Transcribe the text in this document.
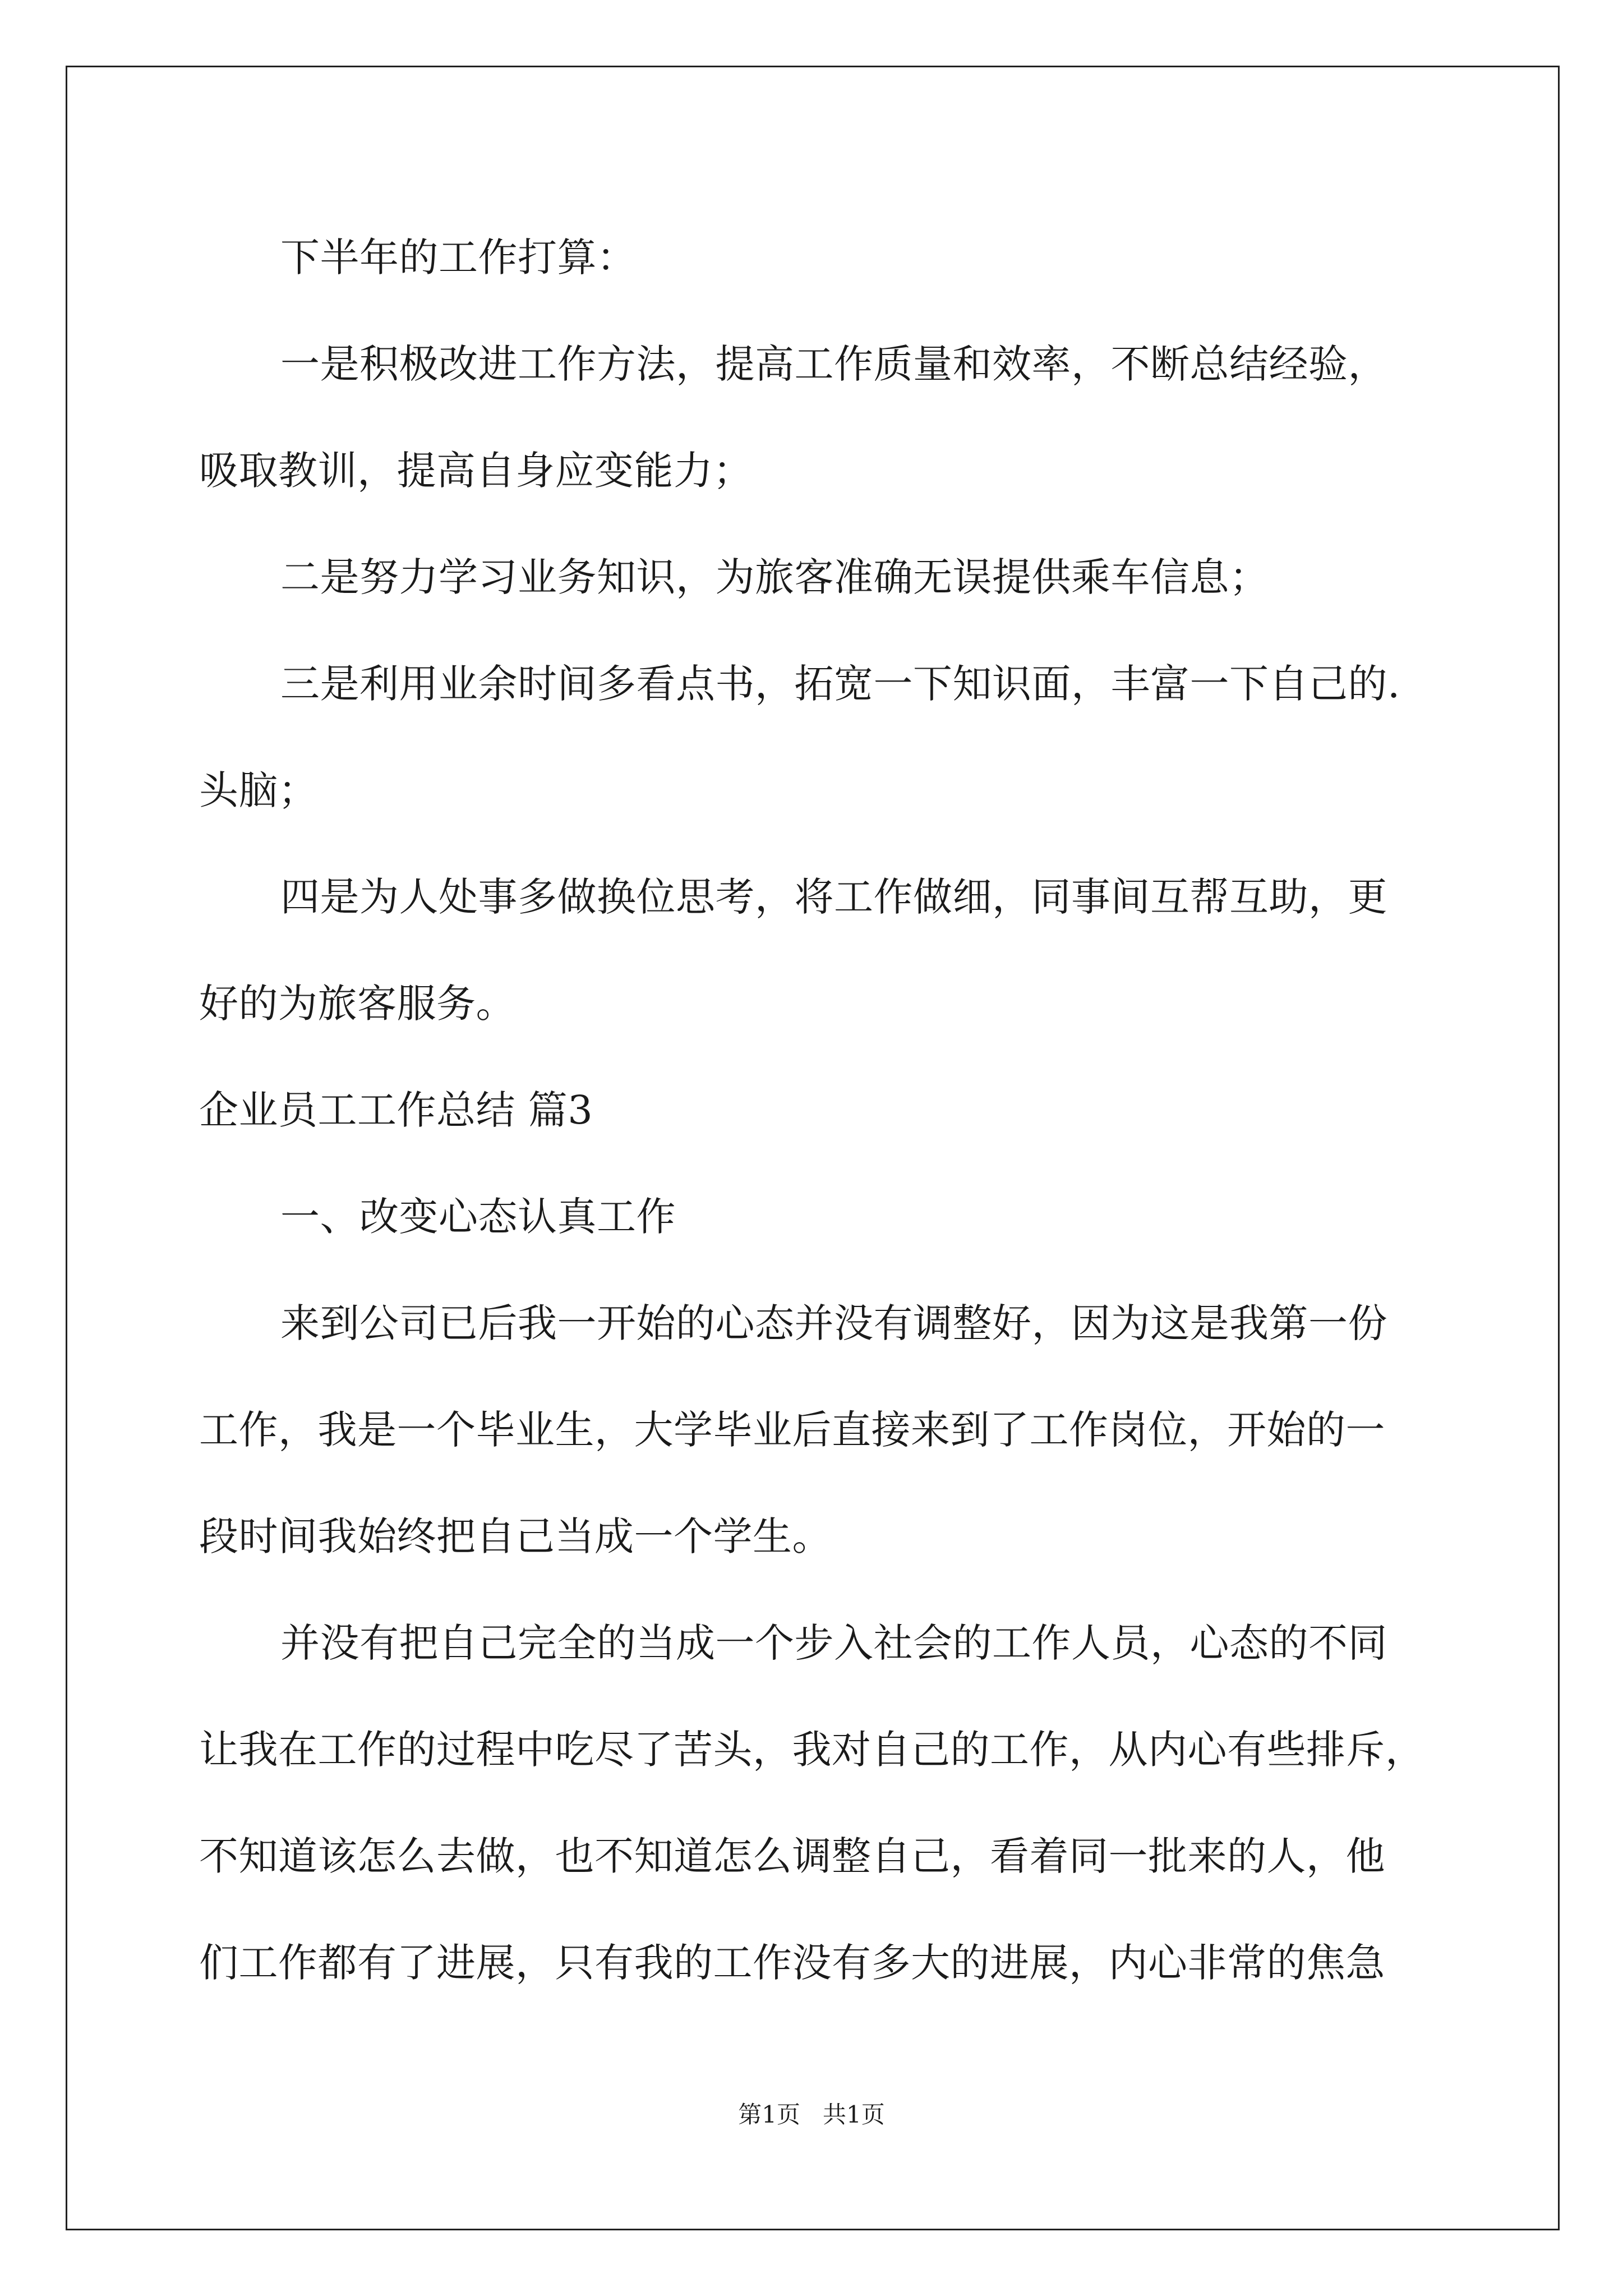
下半年的工作打算：

一是积极改进工作方法，提高工作质量和效率，不断总结经验，

吸取教训，提高自身应变能力；

二是努力学习业务知识，为旅客准确无误提供乘车信息；

三是利用业余时间多看点书，拓宽一下知识面，丰富一下自己的.

头脑；

四是为人处事多做换位思考，将工作做细，同事间互帮互助，更

好的为旅客服务。

企业员工工作总结 篇3

一、改变心态认真工作

来到公司已后我一开始的心态并没有调整好，因为这是我第一份

工作，我是一个毕业生，大学毕业后直接来到了工作岗位，开始的一

段时间我始终把自己当成一个学生。

并没有把自己完全的当成一个步入社会的工作人员，心态的不同

让我在工作的过程中吃尽了苦头，我对自己的工作，从内心有些排斥，

不知道该怎么去做，也不知道怎么调整自己，看着同一批来的人，他

们工作都有了进展，只有我的工作没有多大的进展，内心非常的焦急

第1页   共1页
